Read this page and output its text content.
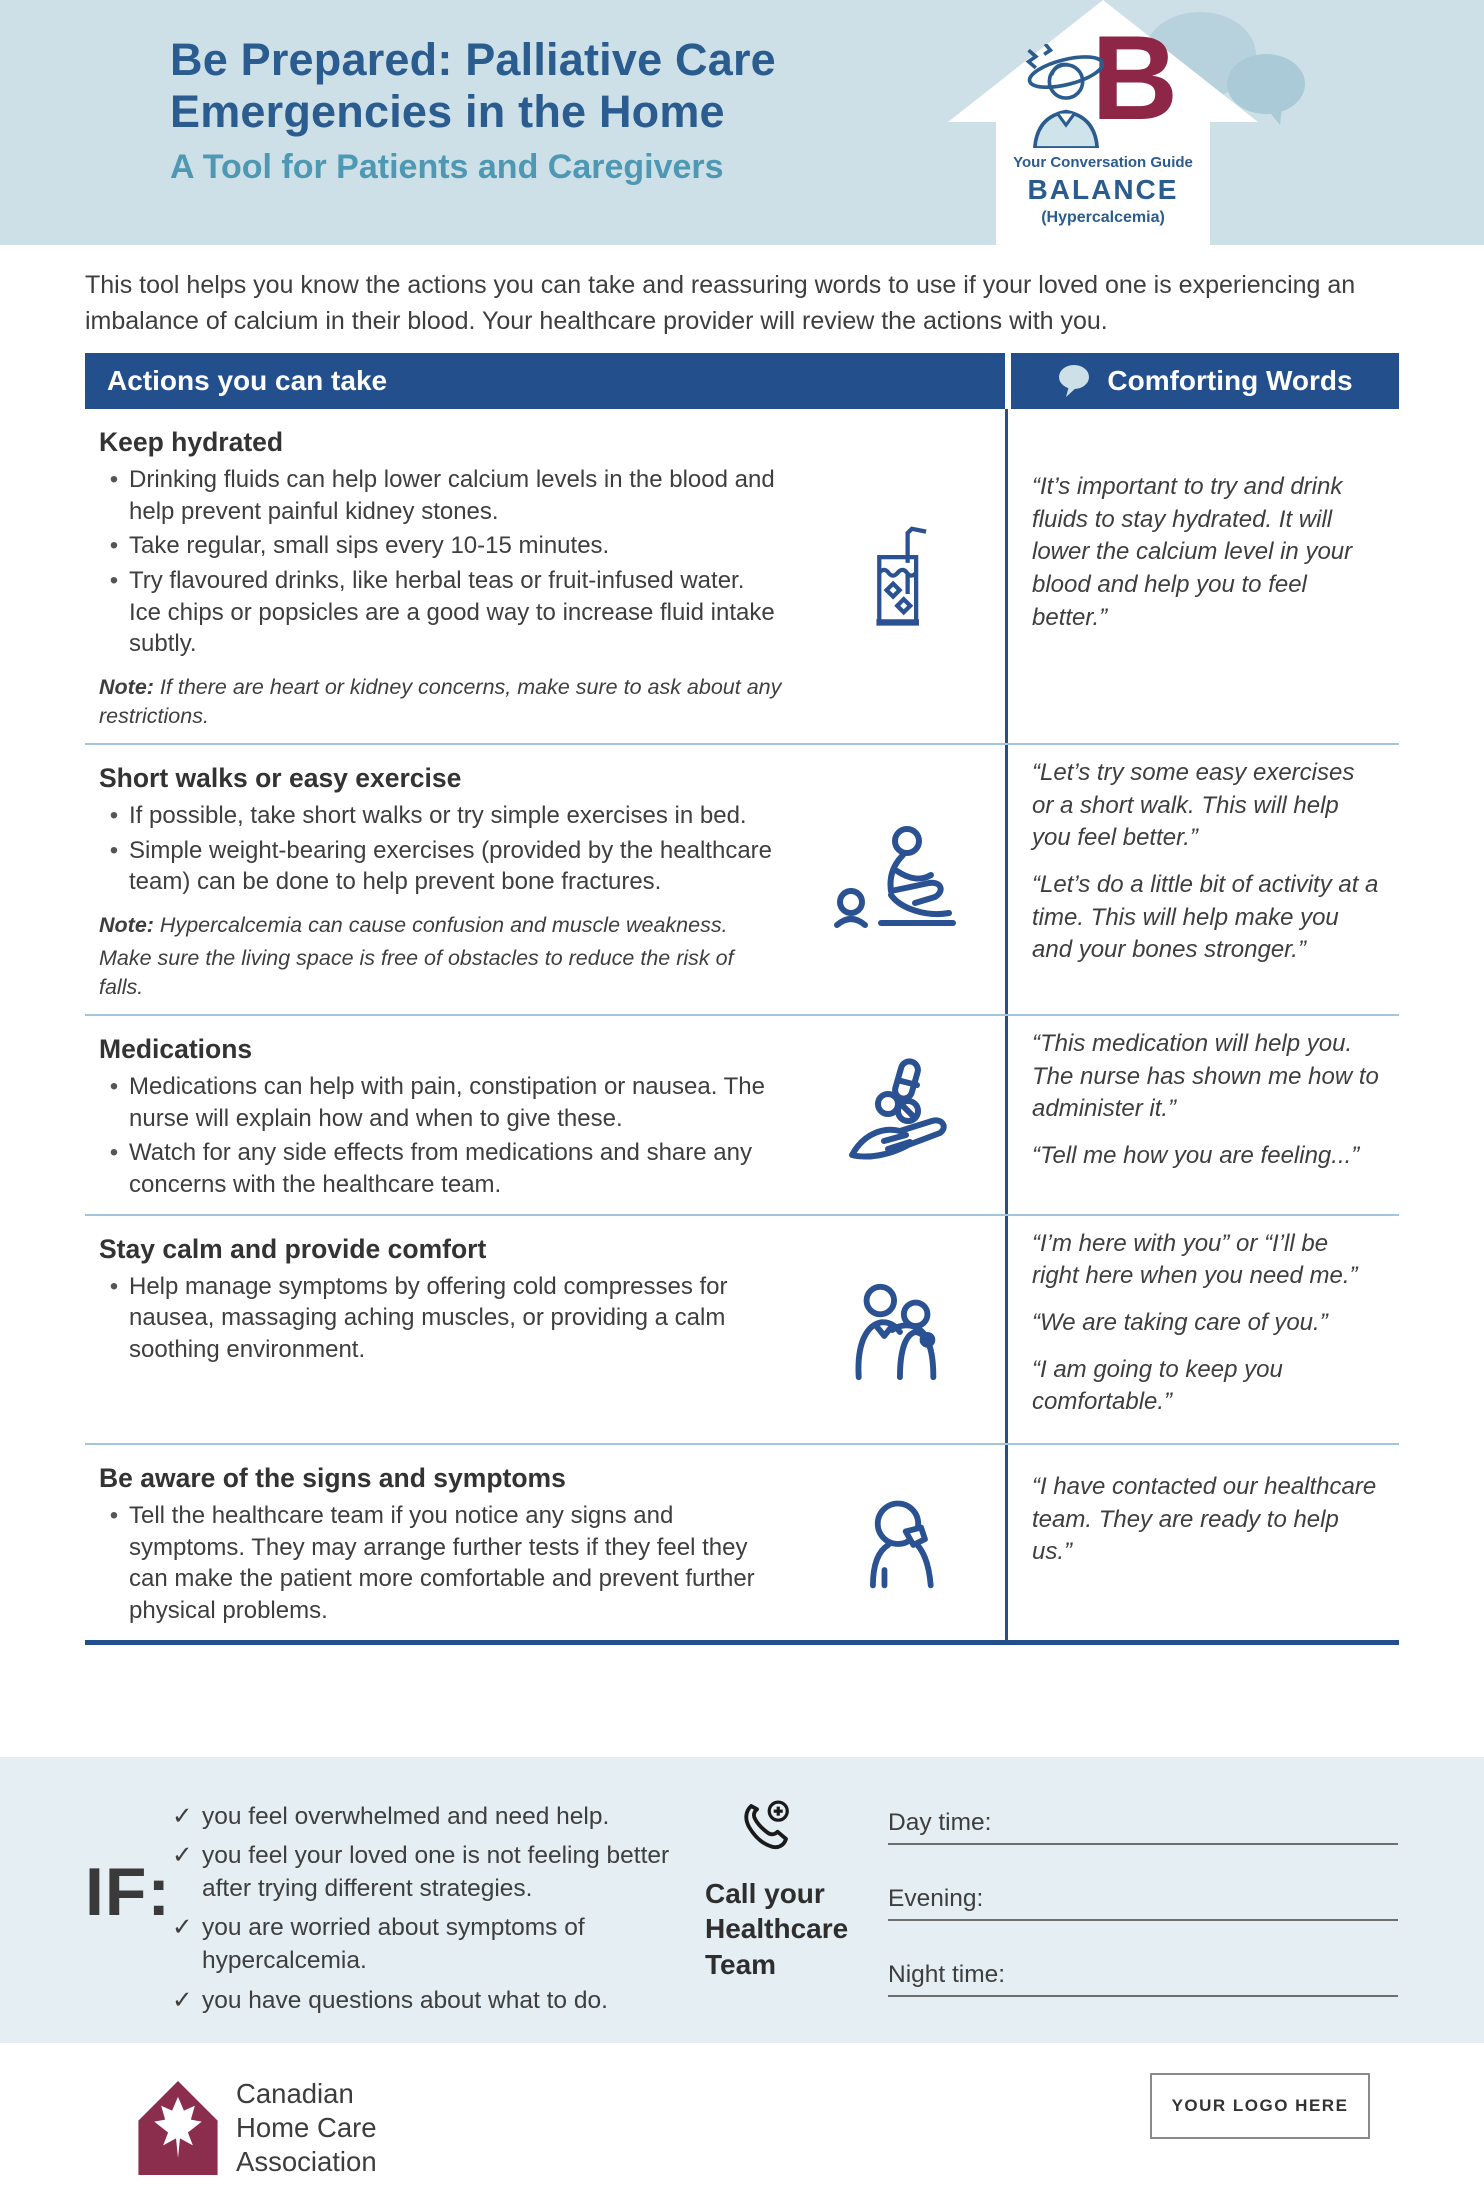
Be Prepared: Palliative Care Emergencies in the Home
A Tool for Patients and Caregivers
B
Your Conversation Guide
BALANCE
(Hypercalcemia)

This tool helps you know the actions you can take and reassuring words to use if your loved one is experiencing an imbalance of calcium in their blood. Your healthcare provider will review the actions with you.

Actions you can take	Comforting Words
Keep hydrated
• Drinking fluids can help lower calcium levels in the blood and help prevent painful kidney stones.
• Take regular, small sips every 10-15 minutes.
• Try flavoured drinks, like herbal teas or fruit-infused water. Ice chips or popsicles are a good way to increase fluid intake subtly.

Note: If there are heart or kidney concerns, make sure to ask about any restrictions.

“It’s important to try and drink fluids to stay hydrated. It will lower the calcium level in your blood and help you to feel better.”

Short walks or easy exercise
• If possible, take short walks or try simple exercises in bed.
• Simple weight-bearing exercises (provided by the healthcare team) can be done to help prevent bone fractures.

Note: Hypercalcemia can cause confusion and muscle weakness.

Make sure the living space is free of obstacles to reduce the risk of falls.

“Let’s try some easy exercises or a short walk. This will help you feel better.”

“Let’s do a little bit of activity at a time. This will help make you and your bones stronger.”

Medications
• Medications can help with pain, constipation or nausea. The nurse will explain how and when to give these.
• Watch for any side effects from medications and share any concerns with the healthcare team.

“This medication will help you. The nurse has shown me how to administer it.”

“Tell me how you are feeling...”

Stay calm and provide comfort
• Help manage symptoms by offering cold compresses for nausea, massaging aching muscles, or providing a calm soothing environment.

“I’m here with you” or “I’ll be right here when you need me.”

“We are taking care of you.”

“I am going to keep you comfortable.”

Be aware of the signs and symptoms
• Tell the healthcare team if you notice any signs and symptoms. They may arrange further tests if they feel they can make the patient more comfortable and prevent further physical problems.

“I have contacted our healthcare team. They are ready to help us.”

IF:
✓ you feel overwhelmed and need help.
✓ you feel your loved one is not feeling better after trying different strategies.
✓ you are worried about symptoms of hypercalcemia.
✓ you have questions about what to do.
Call your Healthcare Team
Day time:
Evening:
Night time:
Canadian
Home Care
Association
YOUR LOGO HERE
